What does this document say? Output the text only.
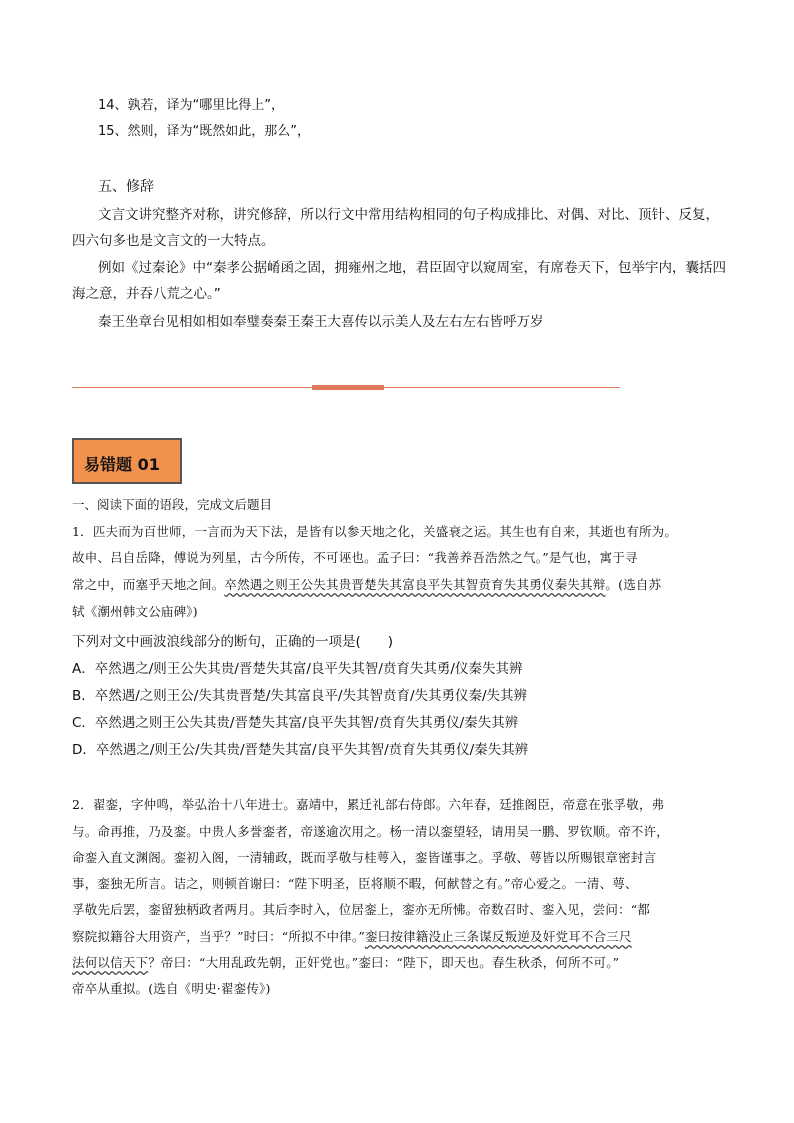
14、孰若，译为“哪里比得上”，
15、然则，译为“既然如此，那么”，
五、修辞
文言文讲究整齐对称，讲究修辞，所以行文中常用结构相同的句子构成排比、对偶、对比、顶针、反复，
四六句多也是文言文的一大特点。
例如《过秦论》中“秦孝公据崤函之固，拥雍州之地，君臣固守以窥周室，有席卷天下，包举宇内，囊括四
海之意，并吞八荒之心。”
秦王坐章台见相如相如奉璧奏秦王秦王大喜传以示美人及左右左右皆呼万岁
易错题 01
一、阅读下面的语段，完成文后题目
1．匹夫而为百世师，一言而为天下法，是皆有以参天地之化，关盛衰之运。其生也有自来，其逝也有所为。
故申、吕自岳降，傅说为列星，古今所传，不可诬也。孟子曰：“我善养吾浩然之气。”是气也，寓于寻
常之中，而塞乎天地之间。卒然遇之则王公失其贵晋楚失其富良平失其智贲育失其勇仪秦失其辩。(选自苏
轼《潮州韩文公庙碑》)
下列对文中画波浪线部分的断句，正确的一项是(　　)
A．卒然遇之/则王公失其贵/晋楚失其富/良平失其智/贲育失其勇/仪秦失其辨
B．卒然遇/之则王公/失其贵晋楚/失其富良平/失其智贲育/失其勇仪秦/失其辨
C．卒然遇之则王公失其贵/晋楚失其富/良平失其智/贲育失其勇仪/秦失其辨
D．卒然遇之/则王公/失其贵/晋楚失其富/良平失其智/贲育失其勇仪/秦失其辨
2．翟銮，字仲鸣，举弘治十八年进士。嘉靖中，累迁礼部右侍郎。六年春，廷推阁臣，帝意在张孚敬，弗
与。命再推，乃及銮。中贵人多誉銮者，帝遂逾次用之。杨一清以銮望轻，请用吴一鹏、罗钦顺。帝不许，
命銮入直文渊阁。銮初入阁，一清辅政，既而孚敬与桂萼入，銮皆谨事之。孚敬、萼皆以所赐银章密封言
事，銮独无所言。诘之，则顿首谢曰：“陛下明圣，臣将顺不暇，何献替之有。”帝心爱之。一清、萼、
孚敬先后罢，銮留独柄政者两月。其后李时入，位居銮上，銮亦无所怫。帝数召时、銮入见，尝问：“都
察院拟籍谷大用资产，当乎？”时曰：“所拟不中律。”銮曰按律籍没止三条谋反叛逆及奸党耳不合三尺
法何以信天下？帝曰：“大用乱政先朝，正奸党也。”銮曰：“陛下，即天也。春生秋杀，何所不可。”
帝卒从重拟。(选自《明史·翟銮传》)
